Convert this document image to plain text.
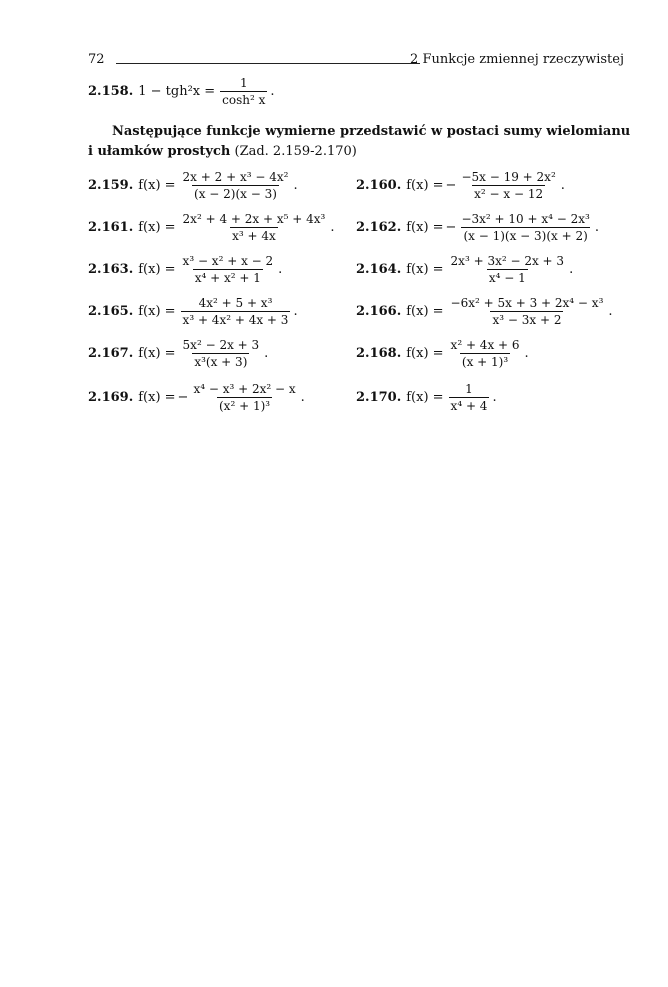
72	2 Funkcje zmiennej rzeczywistej
2.158. $1 - tgh^2x = \frac{1}{\text{cosh² x}}$ .
Następujące funkcje wymierne przedstawić w postaci sumy wielomianu
i ułamków prostych (Zad. 2.159-2.170)
2.159. $f(x) = \frac{\text{2x + 2 + x³ − 4x²}}{(x - 2)(x - 3)}$ .	2.160. f(x) = − $\frac{\text{−5x − 19 + 2x²}}{\text{x² − x − 12}}$ .
2.161. $f(x) = \frac{\text{2x² + 4 + 2x + x⁵ + 4x³}}{\text{x³ + 4x}}$ . 2.162. f(x) = − $\frac{\text{−3x² + 10 + x⁴ − 2x³}}{(x - 1)(x - 3)(x + 2)}$ .
2.163. $f(x) = \frac{\text{x³ − x² + x − 2}}{\text{x⁴ + x² + 1}}$ .	2.164. $f(x) = \frac{\text{2x³ + 3x² − 2x + 3}}{\text{x⁴ − 1}}$ .
2.165. $f(x) = \frac{\text{4x² + 5 + x³}}{\text{x³ + 4x² + 4x + 3}}$ .	2.166. $f(x) = \frac{\text{−6x² + 5x + 3 + 2x⁴ − x³}}{\text{x³ − 3x + 2}}$ .
2.167. $f(x) = \frac{\text{5x² − 2x + 3}}{\text{x³(x + 3)}}$ .	2.168. $f(x) = \frac{\text{x² + 4x + 6}}{\text{(x + 1)³}}$ .
2.169. f(x) = − $\frac{\text{x⁴ − x³ + 2x² − x}}{\text{(x² + 1)³}}$ .	2.170. $f(x) = \frac{1}{\text{x⁴ + 4}}$ .
